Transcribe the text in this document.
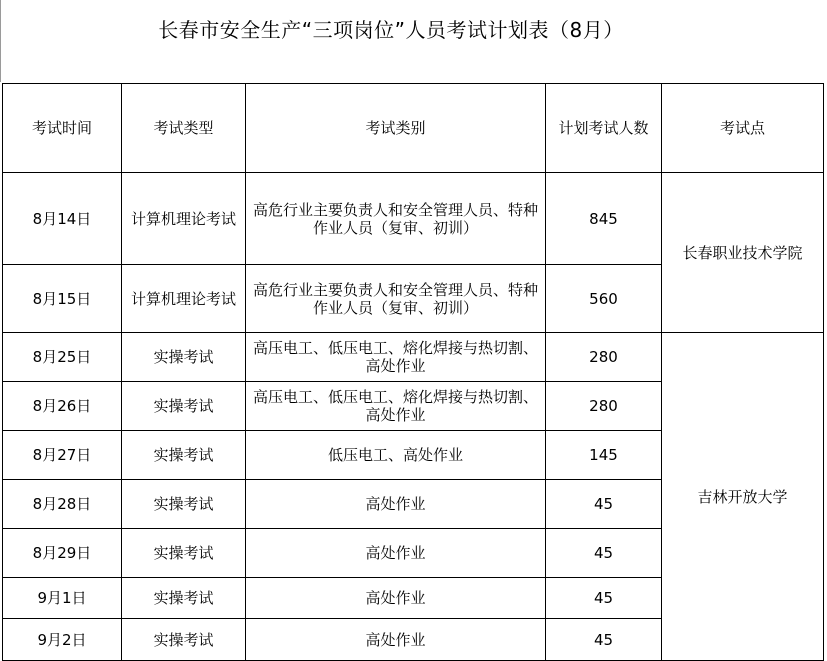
长春市安全生产“三项岗位”人员考试计划表（8月）
考试时间	考试类型	考试类别	计划考试人数	考试点
8月14日	计算机理论考试	高危行业主要负责人和安全管理人员、特种作业人员（复审、初训）	845	长春职业技术学院
8月15日	计算机理论考试	高危行业主要负责人和安全管理人员、特种作业人员（复审、初训）	560	
8月25日	实操考试	高压电工、低压电工、熔化焊接与热切割、高处作业	280	吉林开放大学
8月26日	实操考试	高压电工、低压电工、熔化焊接与热切割、高处作业	280	
8月27日	实操考试	低压电工、高处作业	145	
8月28日	实操考试	高处作业	45	
8月29日	实操考试	高处作业	45	
9月1日	实操考试	高处作业	45	
9月2日	实操考试	高处作业	45	
